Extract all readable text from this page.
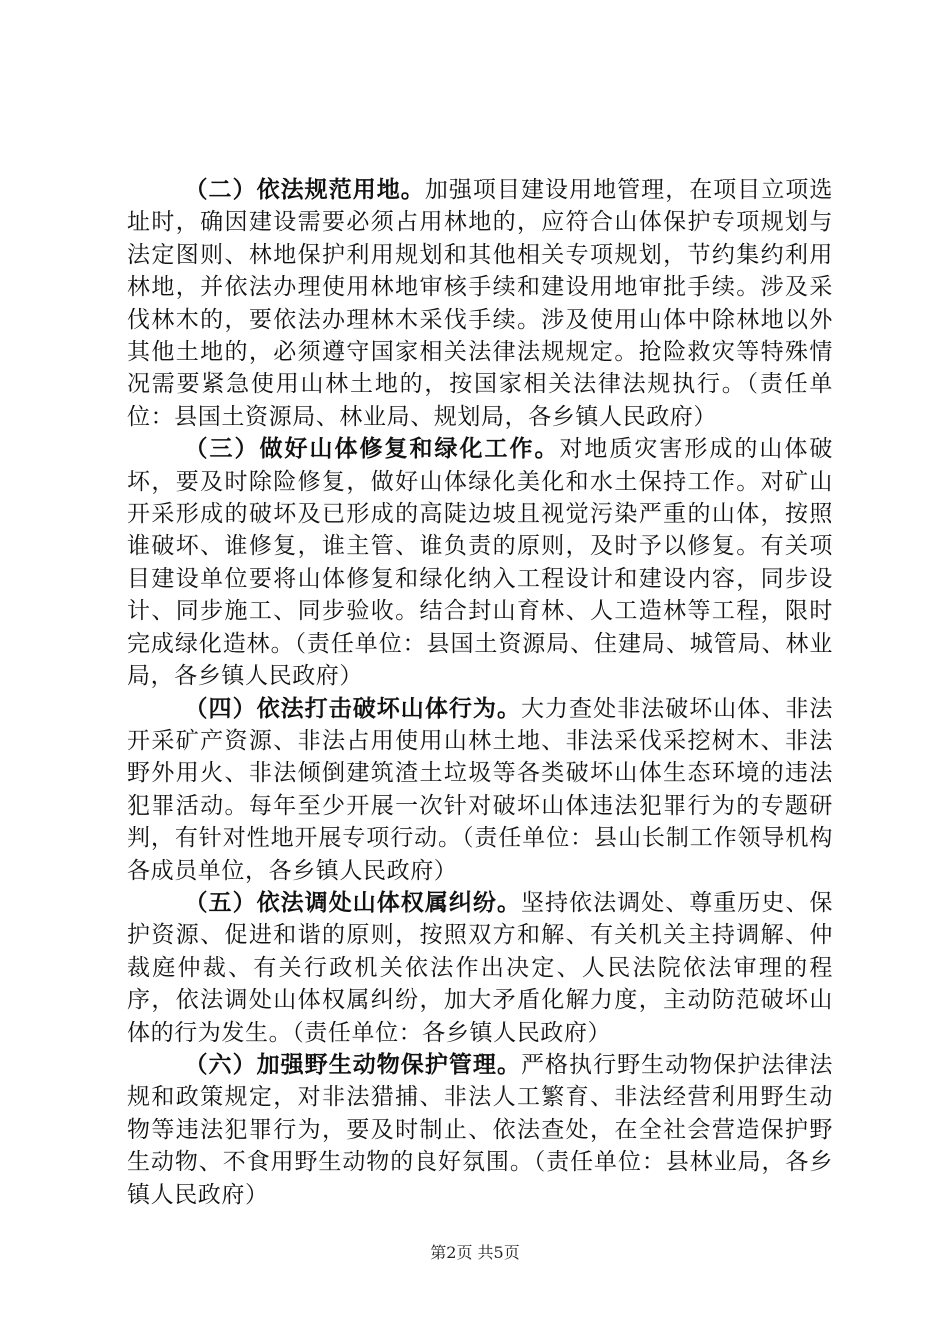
（二）依法规范用地。加强项目建设用地管理，在项目立项选址时，确因建设需要必须占用林地的，应符合山体保护专项规划与法定图则、林地保护利用规划和其他相关专项规划，节约集约利用林地，并依法办理使用林地审核手续和建设用地审批手续。涉及采伐林木的，要依法办理林木采伐手续。涉及使用山体中除林地以外其他土地的，必须遵守国家相关法律法规规定。抢险救灾等特殊情况需要紧急使用山林土地的，按国家相关法律法规执行。（责任单位：县国土资源局、林业局、规划局，各乡镇人民政府）

（三）做好山体修复和绿化工作。对地质灾害形成的山体破坏，要及时除险修复，做好山体绿化美化和水土保持工作。对矿山开采形成的破坏及已形成的高陡边坡且视觉污染严重的山体，按照谁破坏、谁修复，谁主管、谁负责的原则，及时予以修复。有关项目建设单位要将山体修复和绿化纳入工程设计和建设内容，同步设计、同步施工、同步验收。结合封山育林、人工造林等工程，限时完成绿化造林。（责任单位：县国土资源局、住建局、城管局、林业局，各乡镇人民政府）

（四）依法打击破坏山体行为。大力查处非法破坏山体、非法开采矿产资源、非法占用使用山林土地、非法采伐采挖树木、非法野外用火、非法倾倒建筑渣土垃圾等各类破坏山体生态环境的违法犯罪活动。每年至少开展一次针对破坏山体违法犯罪行为的专题研判，有针对性地开展专项行动。（责任单位：县山长制工作领导机构各成员单位，各乡镇人民政府）

（五）依法调处山体权属纠纷。坚持依法调处、尊重历史、保护资源、促进和谐的原则，按照双方和解、有关机关主持调解、仲裁庭仲裁、有关行政机关依法作出决定、人民法院依法审理的程序，依法调处山体权属纠纷，加大矛盾化解力度，主动防范破坏山体的行为发生。（责任单位：各乡镇人民政府）

（六）加强野生动物保护管理。严格执行野生动物保护法律法规和政策规定，对非法猎捕、非法人工繁育、非法经营利用野生动物等违法犯罪行为，要及时制止、依法查处，在全社会营造保护野生动物、不食用野生动物的良好氛围。（责任单位：县林业局，各乡镇人民政府）

第2页 共5页
